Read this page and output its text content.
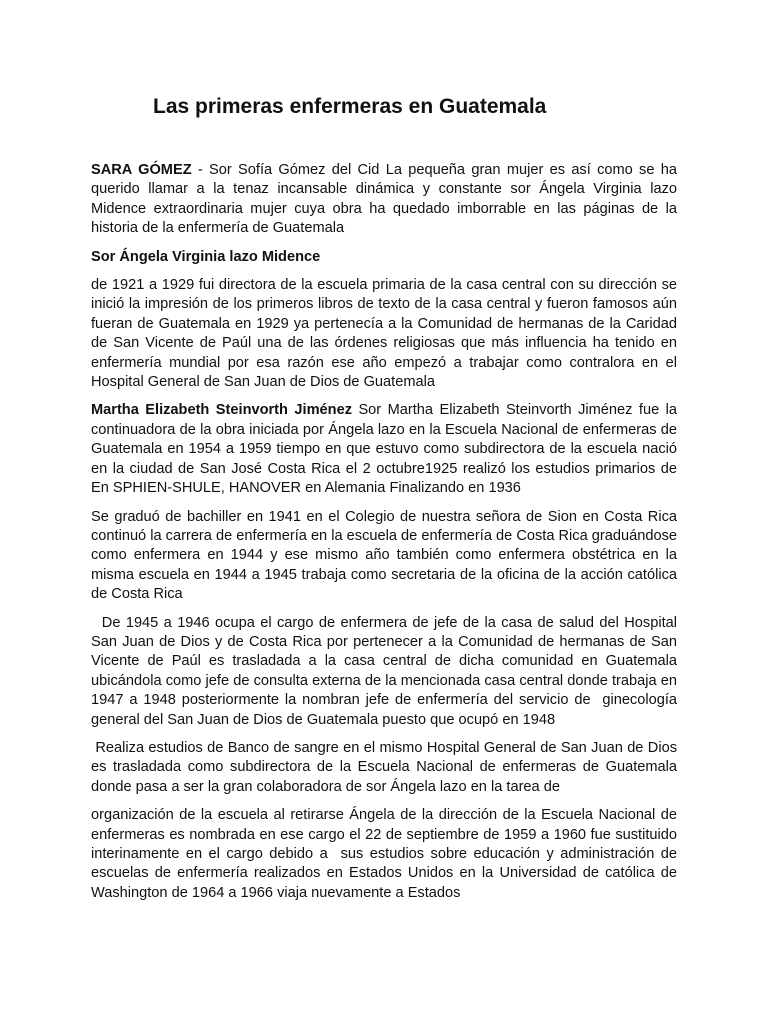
Las primeras enfermeras en Guatemala

SARA GÓMEZ - Sor Sofía Gómez del Cid La pequeña gran mujer es así como se ha querido llamar a la tenaz incansable dinámica y constante sor Ángela Virginia lazo Midence extraordinaria mujer cuya obra ha quedado imborrable en las páginas de la historia de la enfermería de Guatemala

Sor Ángela Virginia lazo Midence

de 1921 a 1929 fui directora de la escuela primaria de la casa central con su dirección se inició la impresión de los primeros libros de texto de la casa central y fueron famosos aún fueran de Guatemala en 1929 ya pertenecía a la Comunidad de hermanas de la Caridad de San Vicente de Paúl una de las órdenes religiosas que más influencia ha tenido en enfermería mundial por esa razón ese año empezó a trabajar como contralora en el Hospital General de San Juan de Dios de Guatemala

Martha Elizabeth Steinvorth Jiménez Sor Martha Elizabeth Steinvorth Jiménez fue la continuadora de la obra iniciada por Ángela lazo en la Escuela Nacional de enfermeras de Guatemala en 1954 a 1959 tiempo en que estuvo como subdirectora de la escuela nació en la ciudad de San José Costa Rica el 2 octubre1925 realizó los estudios primarios de En SPHIEN-SHULE, HANOVER en Alemania Finalizando en 1936

Se graduó de bachiller en 1941 en el Colegio de nuestra señora de Sion en Costa Rica continuó la carrera de enfermería en la escuela de enfermería de Costa Rica graduándose como enfermera en 1944 y ese mismo año también como enfermera obstétrica en la misma escuela en 1944 a 1945 trabaja como secretaria de la oficina de la acción católica de Costa Rica

De 1945 a 1946 ocupa el cargo de enfermera de jefe de la casa de salud del Hospital San Juan de Dios y de Costa Rica por pertenecer a la Comunidad de hermanas de San Vicente de Paúl es trasladada a la casa central de dicha comunidad en Guatemala ubicándola como jefe de consulta externa de la mencionada casa central donde trabaja en 1947 a 1948 posteriormente la nombran jefe de enfermería del servicio de  ginecología general del San Juan de Dios de Guatemala puesto que ocupó en 1948

Realiza estudios de Banco de sangre en el mismo Hospital General de San Juan de Dios es trasladada como subdirectora de la Escuela Nacional de enfermeras de Guatemala donde pasa a ser la gran colaboradora de sor Ángela lazo en la tarea de

organización de la escuela al retirarse Ángela de la dirección de la Escuela Nacional de enfermeras es nombrada en ese cargo el 22 de septiembre de 1959 a 1960 fue sustituido interinamente en el cargo debido a  sus estudios sobre educación y administración de escuelas de enfermería realizados en Estados Unidos en la Universidad de católica de Washington de 1964 a 1966 viaja nuevamente a Estados
